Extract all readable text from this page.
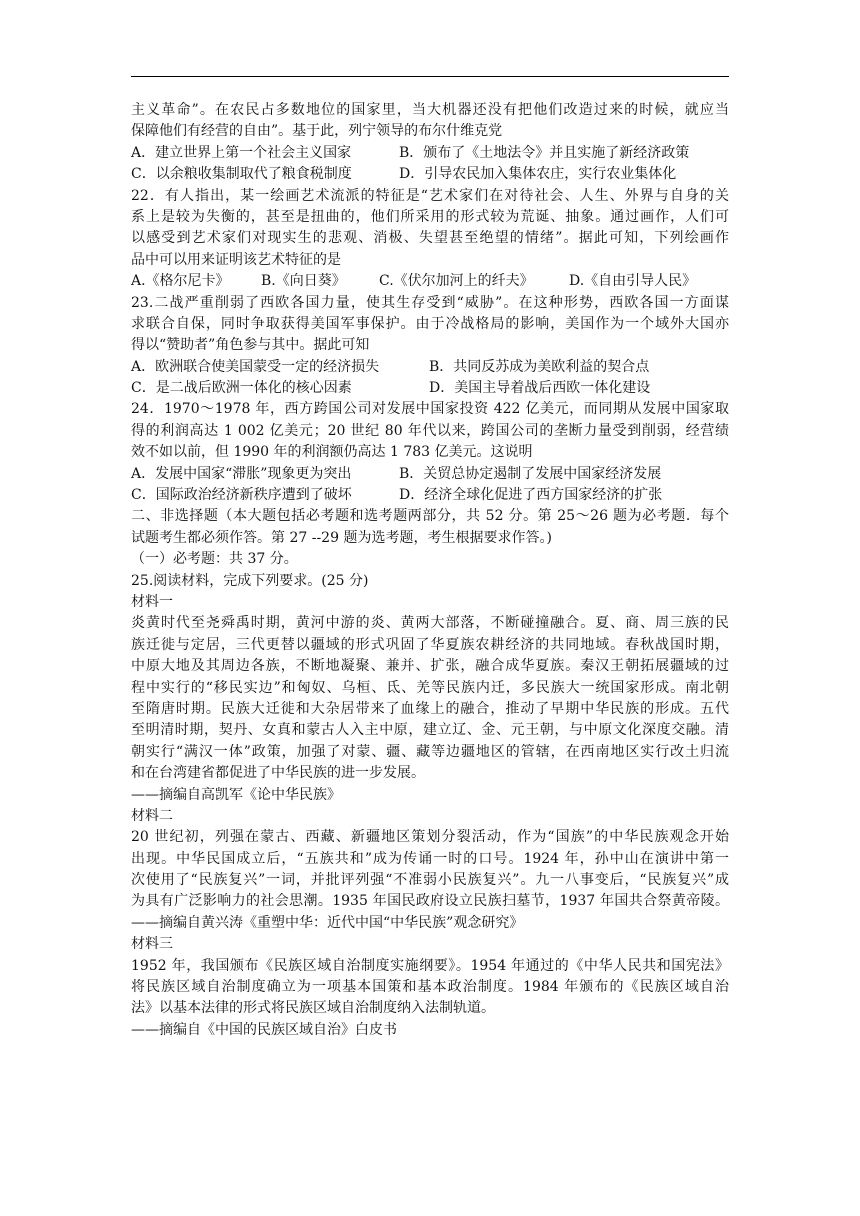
主义革命”。在农民占多数地位的国家里，当大机器还没有把他们改造过来的时候，就应当
保障他们有经营的自由”。基于此，列宁领导的布尔什维克党
A．建立世界上第一个社会主义国家	B．颁布了《土地法令》并且实施了新经济政策
C．以余粮收集制取代了粮食税制度	D．引导农民加入集体农庄，实行农业集体化
22．有人指出，某一绘画艺术流派的特征是“艺术家们在对待社会、人生、外界与自身的关
系上是较为失衡的，甚至是扭曲的，他们所采用的形式较为荒诞、抽象。通过画作，人们可
以感受到艺术家们对现实生的悲观、消极、失望甚至绝望的情绪”。据此可知，下列绘画作
品中可以用来证明该艺术特征的是
A.《格尔尼卡》	B.《向日葵》	C.《伏尔加河上的纤夫》	D.《自由引导人民》
23.二战严重削弱了西欧各国力量，使其生存受到“威胁”。在这种形势，西欧各国一方面谋
求联合自保，同时争取获得美国军事保护。由于冷战格局的影响，美国作为一个域外大国亦
得以“赞助者”角色参与其中。据此可知
A．欧洲联合使美国蒙受一定的经济损失	B．共同反苏成为美欧利益的契合点
C．是二战后欧洲一体化的核心因素	D．美国主导着战后西欧一体化建设
24．1970～1978 年，西方跨国公司对发展中国家投资 422 亿美元，而同期从发展中国家取
得的利润高达 1 002 亿美元；20 世纪 80 年代以来，跨国公司的垄断力量受到削弱，经营绩
效不如以前，但 1990 年的利润额仍高达 1 783 亿美元。这说明
A．发展中国家“滞胀”现象更为突出	B．关贸总协定遏制了发展中国家经济发展
C．国际政治经济新秩序遭到了破坏	D．经济全球化促进了西方国家经济的扩张
二、非选择题（本大题包括必考题和选考题两部分，共 52 分。第 25～26 题为必考题．每个
试题考生都必须作答。第 27 --29 题为选考题，考生根据要求作答。)
（一）必考题：共 37 分。
25.阅读材料，完成下列要求。(25 分)
材料一
炎黄时代至尧舜禹时期，黄河中游的炎、黄两大部落，不断碰撞融合。夏、商、周三族的民
族迁徙与定居，三代更替以疆域的形式巩固了华夏族农耕经济的共同地域。春秋战国时期，
中原大地及其周边各族，不断地凝聚、兼并、扩张，融合成华夏族。秦汉王朝拓展疆域的过
程中实行的“移民实边”和匈奴、乌桓、氐、羌等民族内迁，多民族大一统国家形成。南北朝
至隋唐时期。民族大迁徙和大杂居带来了血缘上的融合，推动了早期中华民族的形成。五代
至明清时期，契丹、女真和蒙古人入主中原，建立辽、金、元王朝，与中原文化深度交融。清
朝实行“满汉一体”政策，加强了对蒙、疆、藏等边疆地区的管辖，在西南地区实行改土归流
和在台湾建省都促进了中华民族的进一步发展。
——摘编自高凯军《论中华民族》
材料二
20 世纪初，列强在蒙古、西藏、新疆地区策划分裂活动，作为“国族”的中华民族观念开始
出现。中华民国成立后，“五族共和”成为传诵一时的口号。1924 年，孙中山在演讲中第一
次使用了“民族复兴”一词，并批评列强“不准弱小民族复兴”。九一八事变后，“民族复兴”成
为具有广泛影响力的社会思潮。1935 年国民政府设立民族扫墓节，1937 年国共合祭黄帝陵。
——摘编自黄兴涛《重塑中华：近代中国“中华民族”观念研究》
材料三
1952 年，我国颁布《民族区域自治制度实施纲要》。1954 年通过的《中华人民共和国宪法》
将民族区域自治制度确立为一项基本国策和基本政治制度。1984 年颁布的《民族区域自治
法》以基本法律的形式将民族区域自治制度纳入法制轨道。
——摘编自《中国的民族区域自治》白皮书
